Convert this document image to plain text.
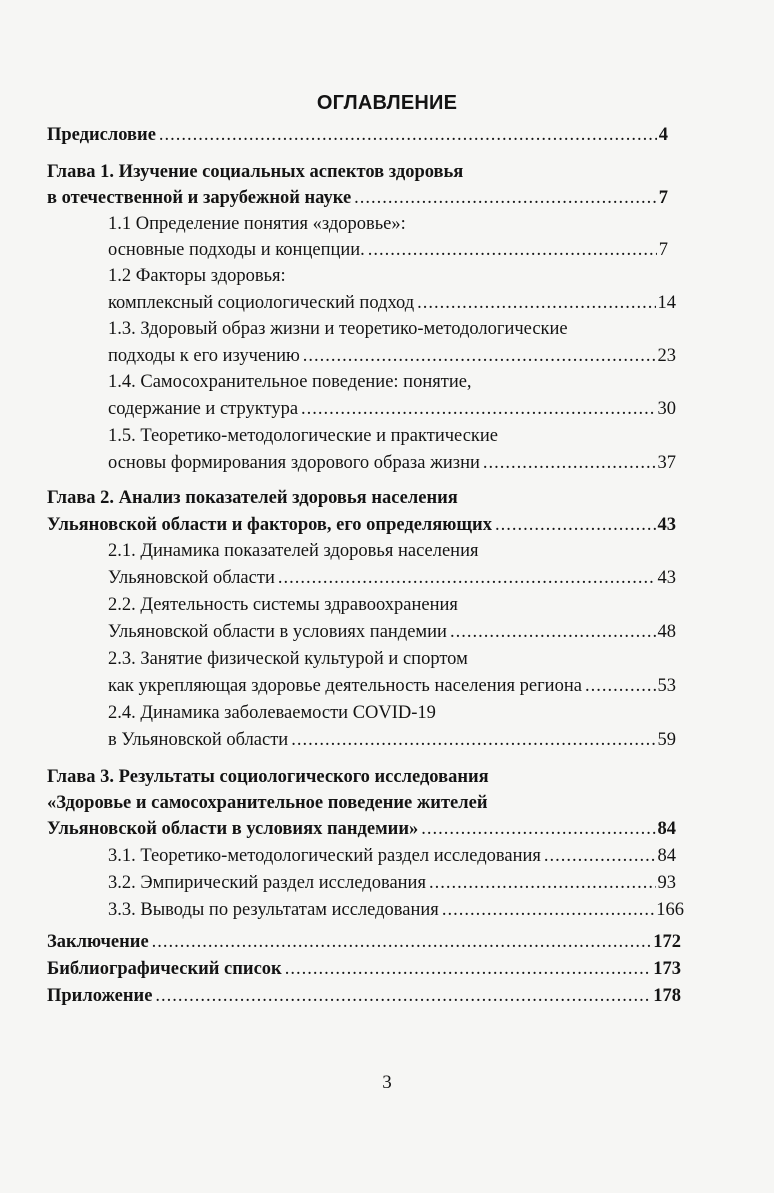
ОГЛАВЛЕНИЕ
Предисловие .....	4
Глава 1. Изучение социальных аспектов здоровья
в отечественной и зарубежной науке .....	7
1.1 Определение понятия «здоровье»:
основные подходы и концепции. .....	7
1.2 Факторы здоровья:
комплексный социологический подход .....	14
1.3. Здоровый образ жизни и теоретико-методологические
подходы к его изучению .....	23
1.4. Самосохранительное поведение: понятие,
содержание и структура .....	30
1.5. Теоретико-методологические и практические
основы формирования здорового образа жизни .....	37
Глава 2. Анализ показателей здоровья населения
Ульяновской области и факторов, его определяющих .....	43
2.1. Динамика показателей здоровья населения
Ульяновской области .....	43
2.2. Деятельность системы здравоохранения
Ульяновской области в условиях пандемии .....	48
2.3. Занятие физической культурой и спортом
как укрепляющая здоровье деятельность населения региона .....	53
2.4. Динамика заболеваемости COVID-19
в Ульяновской области .....	59
Глава 3. Результаты социологического исследования
«Здоровье и самосохранительное поведение жителей
Ульяновской области в условиях пандемии» .....	84
3.1. Теоретико-методологический раздел исследования .....	84
3.2. Эмпирический раздел исследования .....	93
3.3. Выводы по результатам исследования .....	166
Заключение .....	172
Библиографический список .....	173
Приложение .....	178
3
